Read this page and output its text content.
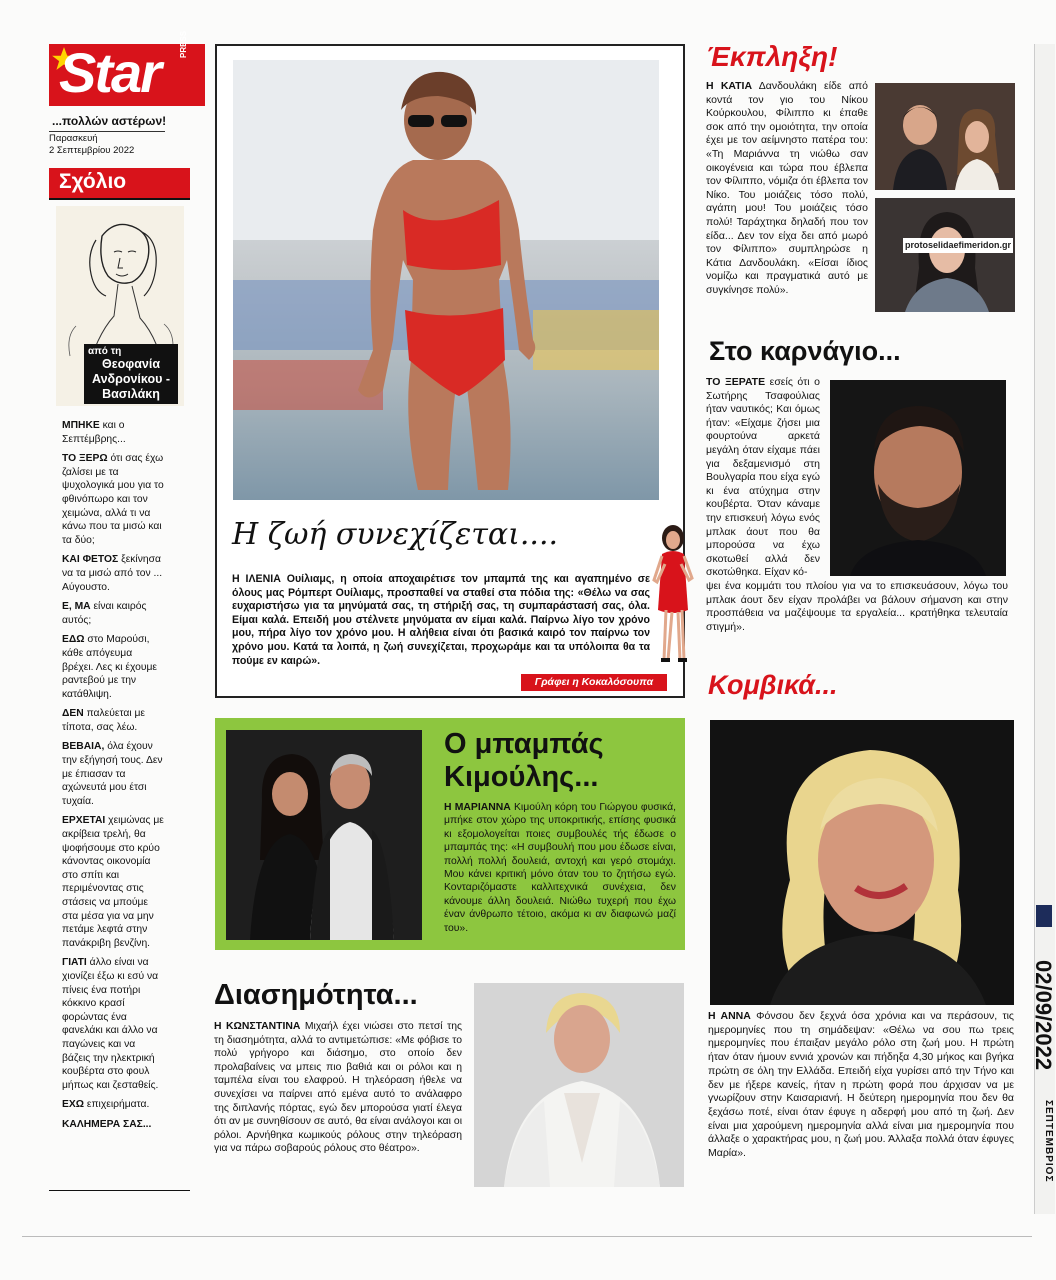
Star PRESS
...πολλών αστέρων!
Παρασκευή
2 Σεπτεμβρίου 2022
Σχόλιο
από τη
Θεοφανία Ανδρονίκου - Βασιλάκη
ΜΠΗΚΕ και ο Σεπτέμβρης...
ΤΟ ΞΕΡΩ ότι σας έχω ζαλίσει με τα ψυχολογικά μου για το φθινόπωρο και τον χειμώνα, αλλά τι να κάνω που τα μισώ και τα δύο;
ΚΑΙ ΦΕΤΟΣ ξεκίνησα να τα μισώ από τον ... Αύγουστο.
Ε, ΜΑ είναι καιρός αυτός;
ΕΔΩ στο Μαρούσι, κάθε απόγευμα βρέχει. Λες κι έχουμε ραντεβού με την κατάθλιψη.
ΔΕΝ παλεύεται με τίποτα, σας λέω.
ΒΕΒΑΙΑ, όλα έχουν την εξήγησή τους. Δεν με έπιασαν τα αχώνευτά μου έτσι τυχαία.
ΕΡΧΕΤΑΙ χειμώνας με ακρίβεια τρελή, θα ψοφήσουμε στο κρύο κάνοντας οικονομία στο σπίτι και περιμένοντας στις στάσεις να μπούμε στα μέσα για να μην πετάμε λεφτά στην πανάκριβη βενζίνη.
ΓΙΑΤΙ άλλο είναι να χιονίζει έξω κι εσύ να πίνεις ένα ποτήρι κόκκινο κρασί φορώντας ένα φανελάκι και άλλο να παγώνεις και να βάζεις την ηλεκτρική κουβέρτα στο φουλ μήπως και ζεσταθείς.
ΕΧΩ επιχειρήματα.
ΚΑΛΗΜΕΡΑ ΣΑΣ...
Η ζωή συνεχίζεται....
Η ΙΛΕΝΙΑ Ουίλιαμς, η οποία αποχαιρέτισε τον μπαμπά της και αγαπημένο σε όλους μας Ρόμπερτ Ουίλιαμς, προσπαθεί να σταθεί στα πόδια της: «Θέλω να σας ευχαριστήσω για τα μηνύματά σας, τη στήριξή σας, τη συμπαράστασή σας, όλα. Είμαι καλά. Επειδή μου στέλνετε μηνύματα αν είμαι καλά. Παίρνω λίγο τον χρόνο μου, πήρα λίγο τον χρόνο μου. Η αλήθεια είναι ότι βασικά καιρό τον παίρνω τον χρόνο μου. Κατά τα λοιπά, η ζωή συνεχίζεται, προχωράμε και τα υπόλοιπα θα τα πούμε εν καιρώ».
Γράφει η Κοκαλόσουπα
Έκπληξη!
Η ΚΑΤΙΑ Δανδουλάκη είδε από κοντά τον γιο του Νίκου Κούρκουλου, Φίλιππο κι έπαθε σοκ από την ομοιότητα, την οποία έχει με τον αείμνηστο πατέρα του: «Τη Μαριάννα τη νιώθω σαν οικογένεια και τώρα που έβλεπα τον Φίλιππο, νόμιζα ότι έβλεπα τον Νίκο. Του μοιάζεις τόσο πολύ, αγάπη μου! Του μοιάζεις τόσο πολύ! Ταράχτηκα δηλαδή που τον είδα... Δεν τον είχα δει από μωρό τον Φίλιππο» συμπληρώσε η Κάτια Δανδουλάκη. «Είσαι ίδιος νομίζω και πραγματικά αυτό με συγκίνησε πολύ».
protoselidaefimeridon.gr
Στο καρνάγιο...
ΤΟ ΞΕΡΑΤΕ εσείς ότι ο Σωτήρης Τσαφούλιας ήταν ναυτικός; Και όμως ήταν: «Είχαμε ζήσει μια φουρτούνα αρκετά μεγάλη όταν είχαμε πάει για δεξαμενισμό στη Βουλγαρία που είχα εγώ κι ένα ατύχημα στην κουβέρτα. Όταν κάναμε την επισκευή λόγω ενός μπλακ άουτ που θα μπορούσα να έχω σκοτωθεί αλλά δεν σκοτώθηκα. Είχαν κό-
ψει ένα κομμάτι του πλοίου για να το επισκευάσουν, λόγω του μπλακ άουτ δεν είχαν προλάβει να βάλουν σήμανση και στην προσπάθεια να μαζέψουμε τα εργαλεία... κρατήθηκα τελευταία στιγμή».
Ο μπαμπάς
Κιμούλης...
Η ΜΑΡΙΑΝΝΑ Κιμούλη κόρη του Γιώργου φυσικά, μπήκε στον χώρο της υποκριτικής, επίσης φυσικά κι εξομολογείται ποιες συμβουλές τής έδωσε ο μπαμπάς της: «Η συμβουλή που μου έδωσε είναι, πολλή πολλή δουλειά, αντοχή και γερό στομάχι. Μου κάνει κριτική μόνο όταν του το ζητήσω εγώ. Κονταριζόμαστε καλλιτεχνικά συνέχεια, δεν κάνουμε άλλη δουλειά. Νιώθω τυχερή που έχω έναν άνθρωπο τέτοιο, ακόμα κι αν διαφωνώ μαζί του».
Κομβικά...
Η ΑΝΝΑ Φόνσου δεν ξεχνά όσα χρόνια και να περάσουν, τις ημερομηνίες που τη σημάδεψαν: «Θέλω να σου πω τρεις ημερομηνίες που έπαιξαν μεγάλο ρόλο στη ζωή μου. Η πρώτη ήταν όταν ήμουν εννιά χρονών και πήδηξα 4,30 μήκος και βγήκα πρώτη σε όλη την Ελλάδα. Επειδή είχα γυρίσει από την Τήνο και δεν με ήξερε κανείς, ήταν η πρώτη φορά που άρχισαν να με γνωρίζουν στην Καισαριανή. Η δεύτερη ημερομηνία που δεν θα ξεχάσω ποτέ, είναι όταν έφυγε η αδερφή μου από τη ζωή. Δεν είναι μια χαρούμενη ημερομηνία αλλά είναι μια ημερομηνία που άλλαξε ο χαρακτήρας μου, η ζωή μου. Άλλαξα πολλά όταν έφυγες Μαρία».
Διασημότητα...
Η ΚΩΝΣΤΑΝΤΙΝΑ Μιχαήλ έχει νιώσει στο πετσί της τη διασημότητα, αλλά το αντιμετώπισε: «Με φόβισε το πολύ γρήγορο και διάσημο, στο οποίο δεν προλαβαίνεις να μπεις πιο βαθιά και οι ρόλοι και η ταμπέλα είναι του ελαφρού. Η τηλεόραση ήθελε να συνεχίσει να παίρνει από εμένα αυτό το ανάλαφρο της διπλανής πόρτας, εγώ δεν μπορούσα γιατί έλεγα ότι αν με συνηθίσουν σε αυτό, θα είναι ανάλογοι και οι ρόλοι. Αρνήθηκα κωμικούς ρόλους στην τηλεόραση για να πάρω σοβαρούς ρόλους στο θέατρο».
02/09/2022
ΣΕΠΤΕΜΒΡΙΟΣ
